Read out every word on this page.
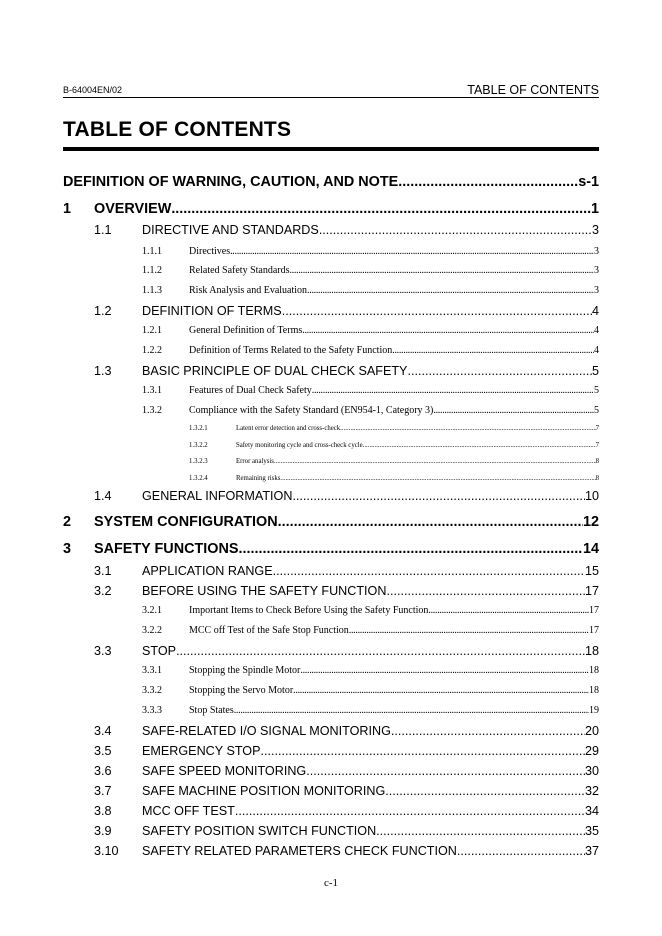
B-64004EN/02	TABLE OF CONTENTS
TABLE OF CONTENTS
DEFINITION OF WARNING, CAUTION, AND NOTE .....	s-1
1	OVERVIEW .....	1
1.1	DIRECTIVE AND STANDARDS .....	3
1.1.1	Directives .....	3
1.1.2	Related Safety Standards .....	3
1.1.3	Risk Analysis and Evaluation .....	3
1.2	DEFINITION OF TERMS .....	4
1.2.1	General Definition of Terms .....	4
1.2.2	Definition of Terms Related to the Safety Function .....	4
1.3	BASIC PRINCIPLE OF DUAL CHECK SAFETY .....	5
1.3.1	Features of Dual Check Safety .....	5
1.3.2	Compliance with the Safety Standard (EN954-1, Category 3) .....	5
1.3.2.1	Latent error detection and cross-check .....	7
1.3.2.2	Safety monitoring cycle and cross-check cycle .....	7
1.3.2.3	Error analysis .....	8
1.3.2.4	Remaining risks .....	8
1.4	GENERAL INFORMATION .....	10
2	SYSTEM CONFIGURATION .....	12
3	SAFETY FUNCTIONS .....	14
3.1	APPLICATION RANGE .....	15
3.2	BEFORE USING THE SAFETY FUNCTION .....	17
3.2.1	Important Items to Check Before Using the Safety Function .....	17
3.2.2	MCC off Test of the Safe Stop Function .....	17
3.3	STOP .....	18
3.3.1	Stopping the Spindle Motor .....	18
3.3.2	Stopping the Servo Motor .....	18
3.3.3	Stop States .....	19
3.4	SAFE-RELATED I/O SIGNAL MONITORING .....	20
3.5	EMERGENCY STOP .....	29
3.6	SAFE SPEED MONITORING .....	30
3.7	SAFE MACHINE POSITION MONITORING .....	32
3.8	MCC OFF TEST .....	34
3.9	SAFETY POSITION SWITCH FUNCTION .....	35
3.10	SAFETY RELATED PARAMETERS CHECK FUNCTION .....	37
c-1
